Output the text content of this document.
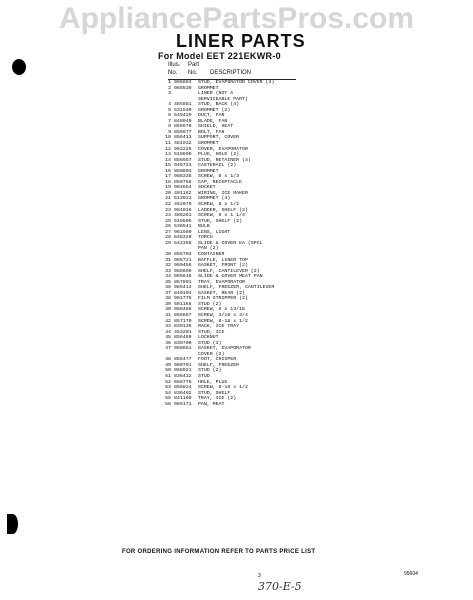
AppliancePartsPros.com
LINER PARTS
For Model EET 221EKWR-0
Illus. Part
No. No. DESCRIPTION
1 986883 STUD, EVAPORATOR COVER (3)
2 968539 GROMMET
3	LINER (NOT A
SERVICEABLE PART)
4 485881 STUD, BACK (4)
5 531530 GROMMET (2)
6 549420 DUCT, FAN
7 848040 BLADE, FAN
8 856679 SHIELD, HEAT
9 856677 BOLT, FAN
10 856411 SUPPORT, COVER
11 481932 GROMMET
12 982225 COVER, EVAPORATOR
13 519609 PLUG, HOLE (2)
14 856657 STUD, RETAINER (4)
15 945723 CASTERAIL (2)
16 850603 GROMMET
17 988335 SCREW, 8 x 1/3
18 850758 CAP, RECEPTACLE
19 904654 SOCKET
20 491162 WIRING, ICE MAKER
21 513923 GROMMET (4)
22 452070 SCREW, 8 x 1/2
23 984016 LADDER, SHELF (2)
24 486281 SCREW, 8 x 1 1/4
25 519505 STUD, SHELF (2)
26 538541 BULB
27 961560 LENS, LIGHT
28 848320 TORCH
29 542358 SLIDE & COVER EA (SPCL
PAN (2)
30 856703 CONTAINER
31 965721 BAFFLE, LINER TOP
32 960456 GASKET, FRONT (2)
33 985609 SHELF, CANTILEVER (2)
34 965616 SLIDE & COVER MEAT PAN
35 857801 TRAY, EVAPORATOR
36 985413 SHELF, FREEZER, CANTILEVER
37 840103 GASKET, REAR (2)
38 961775 FILM STRIPPER (2)
39 501165 STUD (2)
40 988488 SCREW, 8 x 13/16
41 856687 SCREW, 3/16 x 3/4
42 857170 SCREW, 8-18 x 1/2
43 839136 RACK, ICE TRAY
44 453201 STUD, ICE
45 856489 LOCKNUT
46 839700 STUD (3)
47 960851 GASKET, EVAPORATOR
COVER (2)
48 856477 FOOT, CRISPER
49 980791 SHELF, FREEZER
50 988921 STUD (2)
51 836432 STUD
52 658776 HOLE, PLUG
53 856824 SCREW, 8-18 x 1/2
54 836492 STUD, SHELF
55 841160 TRAY, ICE (2)
56 985171 PAN, MEAT
FOR ORDERING INFORMATION REFER TO PARTS PRICE LIST
3	95604
370-E-5
